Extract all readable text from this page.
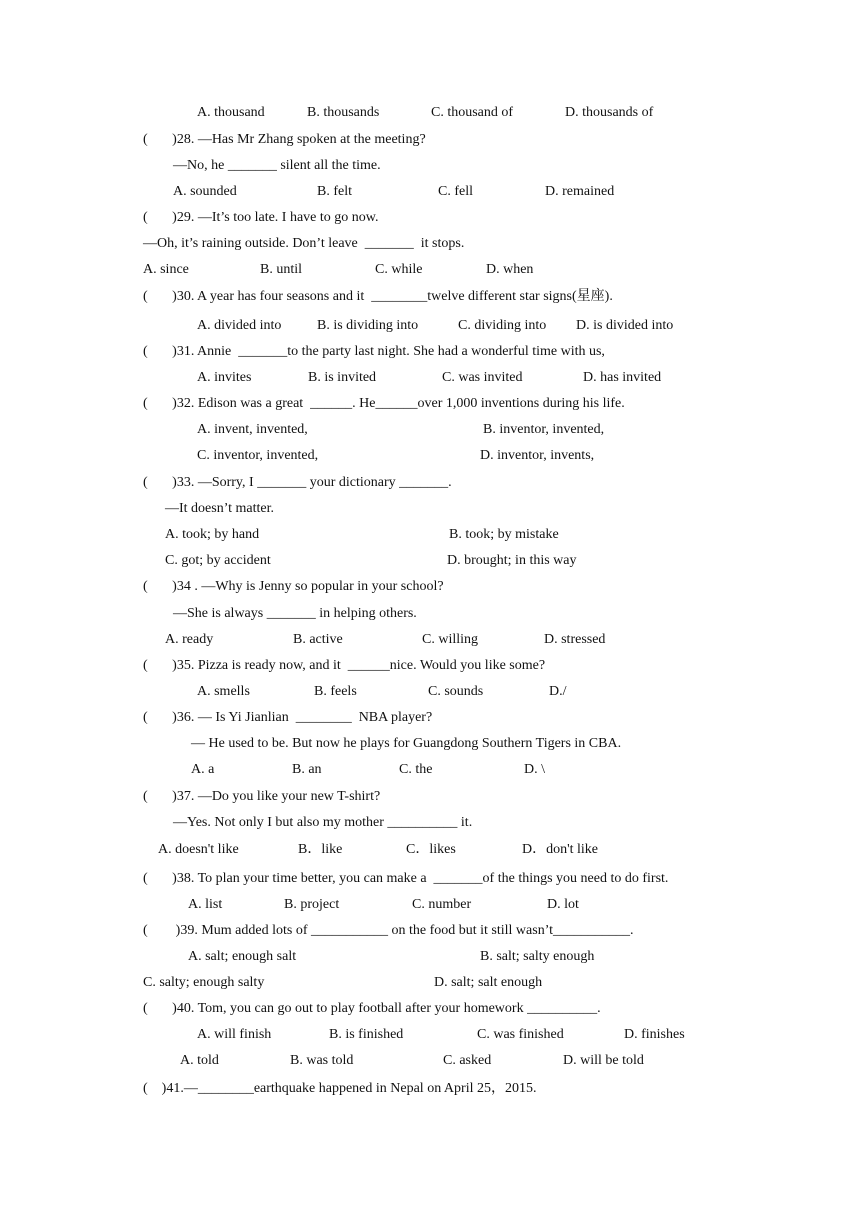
A. thousand	B. thousands	C. thousand of	D. thousands of
(       )28. —Has Mr Zhang spoken at the meeting?
—No, he _______ silent all the time.
A. sounded	B. felt	C. fell	D. remained
(       )29. —It’s too late. I have to go now.
—Oh, it’s raining outside. Don’t leave  _______  it stops.
A. since	B. until	C. while	D. when
(       )30. A year has four seasons and it  ________twelve different star signs(星座).
A. divided into	B. is dividing into	C. dividing into D. is divided into
(       )31. Annie  _______to the party last night. She had a wonderful time with us,
A. invites	B. is invited	C. was invited	D. has invited
(       )32. Edison was a great  ______. He______over 1,000 inventions during his life.
A. invent, invented,	B. inventor, invented,
C. inventor, invented,	D. inventor, invents,
(       )33. —Sorry, I _______ your dictionary _______.
—It doesn’t matter.
A. took; by hand	B. took; by mistake
C. got; by accident	D. brought; in this way
(       )34 . —Why is Jenny so popular in your school?
—She is always _______ in helping others.
A. ready	B. active	C. willing	D. stressed
(       )35. Pizza is ready now, and it  ______nice. Would you like some?
A. smells	B. feels	C. sounds	D./
(       )36. — Is Yi Jianlian  ________  NBA player?
— He used to be. But now he plays for Guangdong Southern Tigers in CBA.
A. a	B. an	C. the	D. \
(       )37. —Do you like your new T-shirt?
—Yes. Not only I but also my mother __________ it.
A. doesn't like	B．like	C．likes	D．don't like
(       )38. To plan your time better, you can make a  _______of the things you need to do first.
A. list	B. project	C. number	D. lot
(        )39. Mum added lots of ___________ on the food but it still wasn’t___________.
A. salt; enough salt	B. salt; salty enough
C. salty; enough salty	D. salt; salt enough
(       )40. Tom, you can go out to play football after your homework __________.
A. will finish	B. is finished	C. was finished	D. finishes
A. told	B. was told	C. asked	D. will be told
(    )41.—________earthquake happened in Nepal on April 25，2015.
